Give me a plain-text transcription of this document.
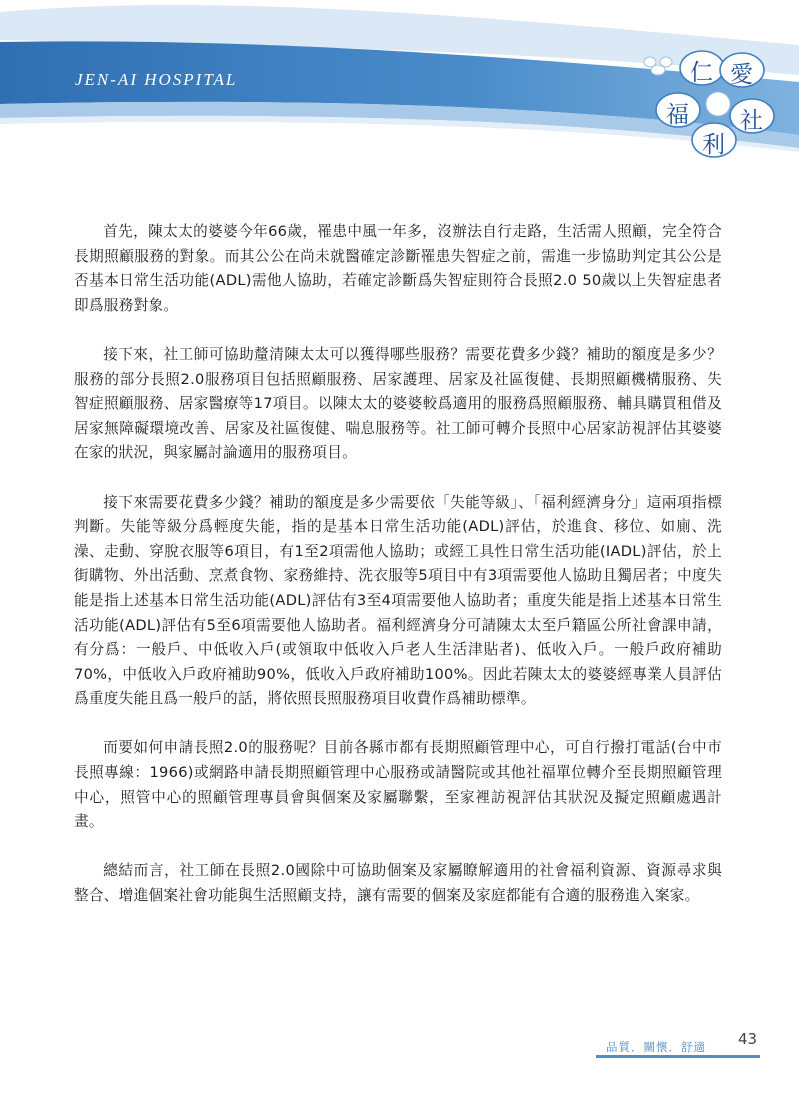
JEN-AI HOSPITAL	仁 愛
福 社
利

首先，陳太太的婆婆今年66歲，罹患中風一年多，沒辦法自行走路，生活需人照顧，完全符合長期照顧服務的對象。而其公公在尚未就醫確定診斷罹患失智症之前，需進一步協助判定其公公是否基本日常生活功能(ADL)需他人協助，若確定診斷爲失智症則符合長照2.0 50歲以上失智症患者即爲服務對象。

接下來，社工師可協助釐清陳太太可以獲得哪些服務？需要花費多少錢？補助的額度是多少？ 服務的部分長照2.0服務項目包括照顧服務、居家護理、居家及社區復健、長期照顧機構服務、失智症照顧服務、居家醫療等17項目。以陳太太的婆婆較爲適用的服務爲照顧服務、輔具購買租借及居家無障礙環境改善、居家及社區復健、喘息服務等。社工師可轉介長照中心居家訪視評估其婆婆在家的狀況，與家屬討論適用的服務項目。

接下來需要花費多少錢？補助的額度是多少需要依「失能等級」、「福利經濟身分」這兩項指標判斷。失能等級分爲輕度失能，指的是基本日常生活功能(ADL)評估，於進食、移位、如廁、洗澡、走動、穿脫衣服等6項目，有1至2項需他人協助；或經工具性日常生活功能(IADL)評估，於上街購物、外出活動、烹煮食物、家務維持、洗衣服等5項目中有3項需要他人協助且獨居者；中度失能是指上述基本日常生活功能(ADL)評估有3至4項需要他人協助者；重度失能是指上述基本日常生活功能(ADL)評估有5至6項需要他人協助者。福利經濟身分可請陳太太至戶籍區公所社會課申請，有分爲：一般戶、中低收入戶(或領取中低收入戶老人生活津貼者)、低收入戶。一般戶政府補助70%，中低收入戶政府補助90%，低收入戶政府補助100%。因此若陳太太的婆婆經專業人員評估爲重度失能且爲一般戶的話，將依照長照服務項目收費作爲補助標準。

而要如何申請長照2.0的服務呢？目前各縣市都有長期照顧管理中心，可自行撥打電話(台中市長照專線：1966)或網路申請長期照顧管理中心服務或請醫院或其他社福單位轉介至長期照顧管理中心，照管中心的照顧管理專員會與個案及家屬聯繫，至家裡訪視評估其狀況及擬定照顧處遇計畫。

總結而言，社工師在長照2.0國除中可協助個案及家屬瞭解適用的社會福利資源、資源尋求與整合、增進個案社會功能與生活照顧支持，讓有需要的個案及家庭都能有合適的服務進入案家。

品質．關懷．舒適 43
